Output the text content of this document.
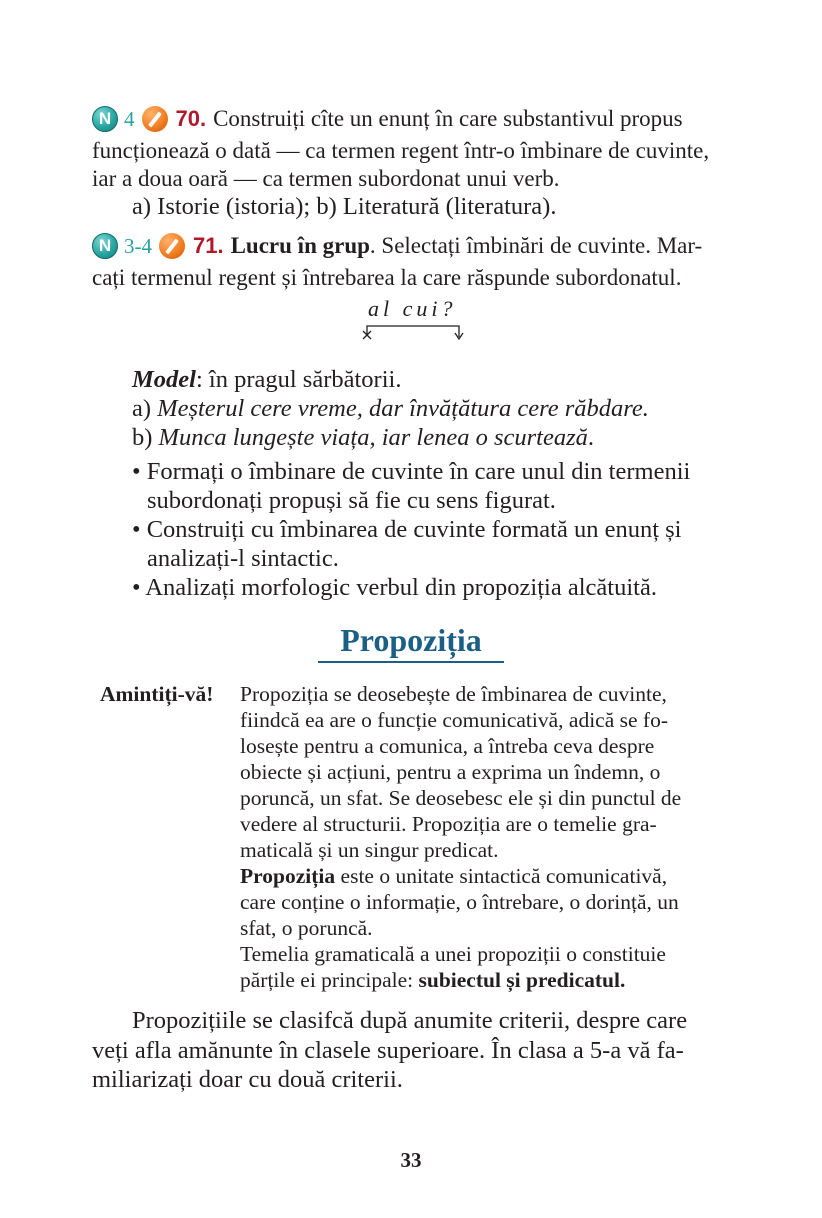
N 4 70. Construiți cîte un enunț în care substantivul propus
funcționează o dată — ca termen regent într-o îmbinare de cuvinte,
iar a doua oară — ca termen subordonat unui verb.
a) Istorie (istoria); b) Literatură (literatura).
N 3-4 71. Lucru în grup . Selectați îmbinări de cuvinte. Mar-
cați termenul regent și întrebarea la care răspunde subordonatul.
al cui?
Model: în pragul sărbătorii.
a) Meșterul cere vreme, dar învățătura cere răbdare.
b) Munca lungește viața, iar lenea o scurtează.
• Formați o îmbinare de cuvinte în care unul din termenii
subordonați propuși să fie cu sens figurat.
• Construiți cu îmbinarea de cuvinte formată un enunț și
analizați-l sintactic.
• Analizați morfologic verbul din propoziția alcătuită.
Propoziția
Amintiți-vă! Propoziția se deosebește de îmbinarea de cuvinte,
fiindcă ea are o funcție comunicativă, adică se fo-
losește pentru a comunica, a întreba ceva despre
obiecte și acțiuni, pentru a exprima un îndemn, o
poruncă, un sfat. Se deosebesc ele și din punctul de
vedere al structurii. Propoziția are o temelie gra-
maticală și un singur predicat.
Propoziția este o unitate sintactică comunicativă,
care conține o informație, o întrebare, o dorință, un
sfat, o poruncă.
Temelia gramaticală a unei propoziții o constituie
părțile ei principale: subiectul și predicatul.
Propozițiile se clasifcă după anumite criterii, despre care
veți afla amănunte în clasele superioare. În clasa a 5-a vă fa-
miliarizați doar cu două criterii.
33
